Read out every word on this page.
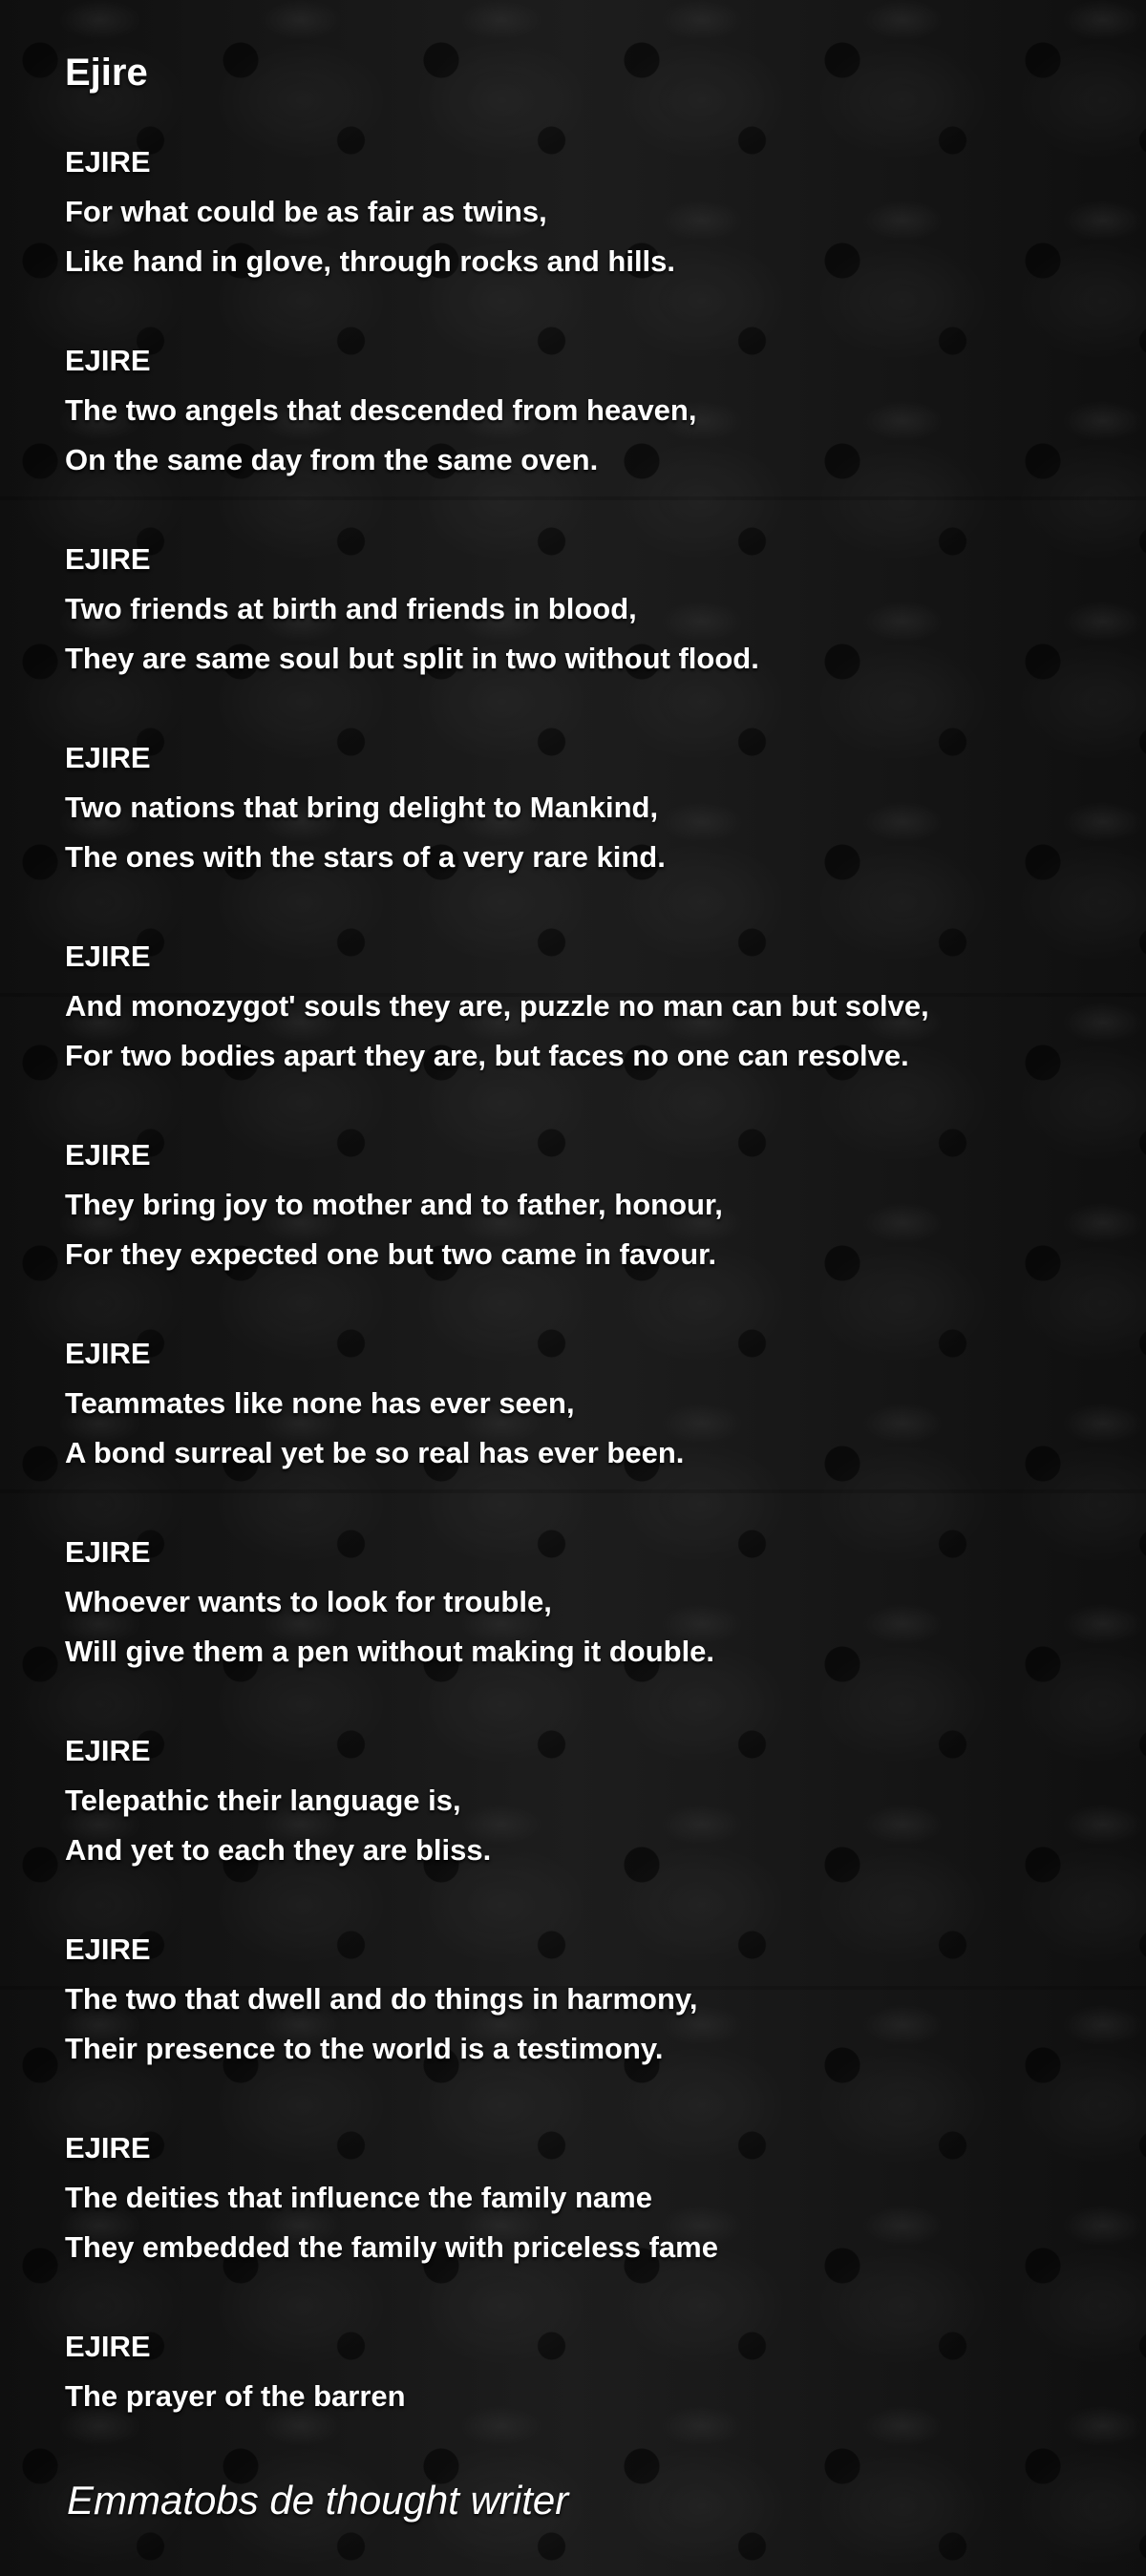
Ejire
EJIRE
For what could be as fair as twins,
Like hand in glove, through rocks and hills.
EJIRE
The two angels that descended from heaven,
On the same day from the same oven.
EJIRE
Two friends at birth and friends in blood,
They are same soul but split in two without flood.
EJIRE
Two nations that bring delight to Mankind,
The ones with the stars of a very rare kind.
EJIRE
And monozygot' souls they are, puzzle no man can but solve,
For two bodies apart they are, but faces no one can resolve.
EJIRE
They bring joy to mother and to father, honour,
For they expected one but two came in favour.
EJIRE
Teammates like none has ever seen,
A bond surreal yet be so real has ever been.
EJIRE
Whoever wants to look for trouble,
Will give them a pen without making it double.
EJIRE
Telepathic their language is,
And yet to each they are bliss.
EJIRE
The two that dwell and do things in harmony,
Their presence to the world is a testimony.
EJIRE
The deities that influence the family name
They embedded the family with priceless fame
EJIRE
The prayer of the barren
Emmatobs de thought writer
